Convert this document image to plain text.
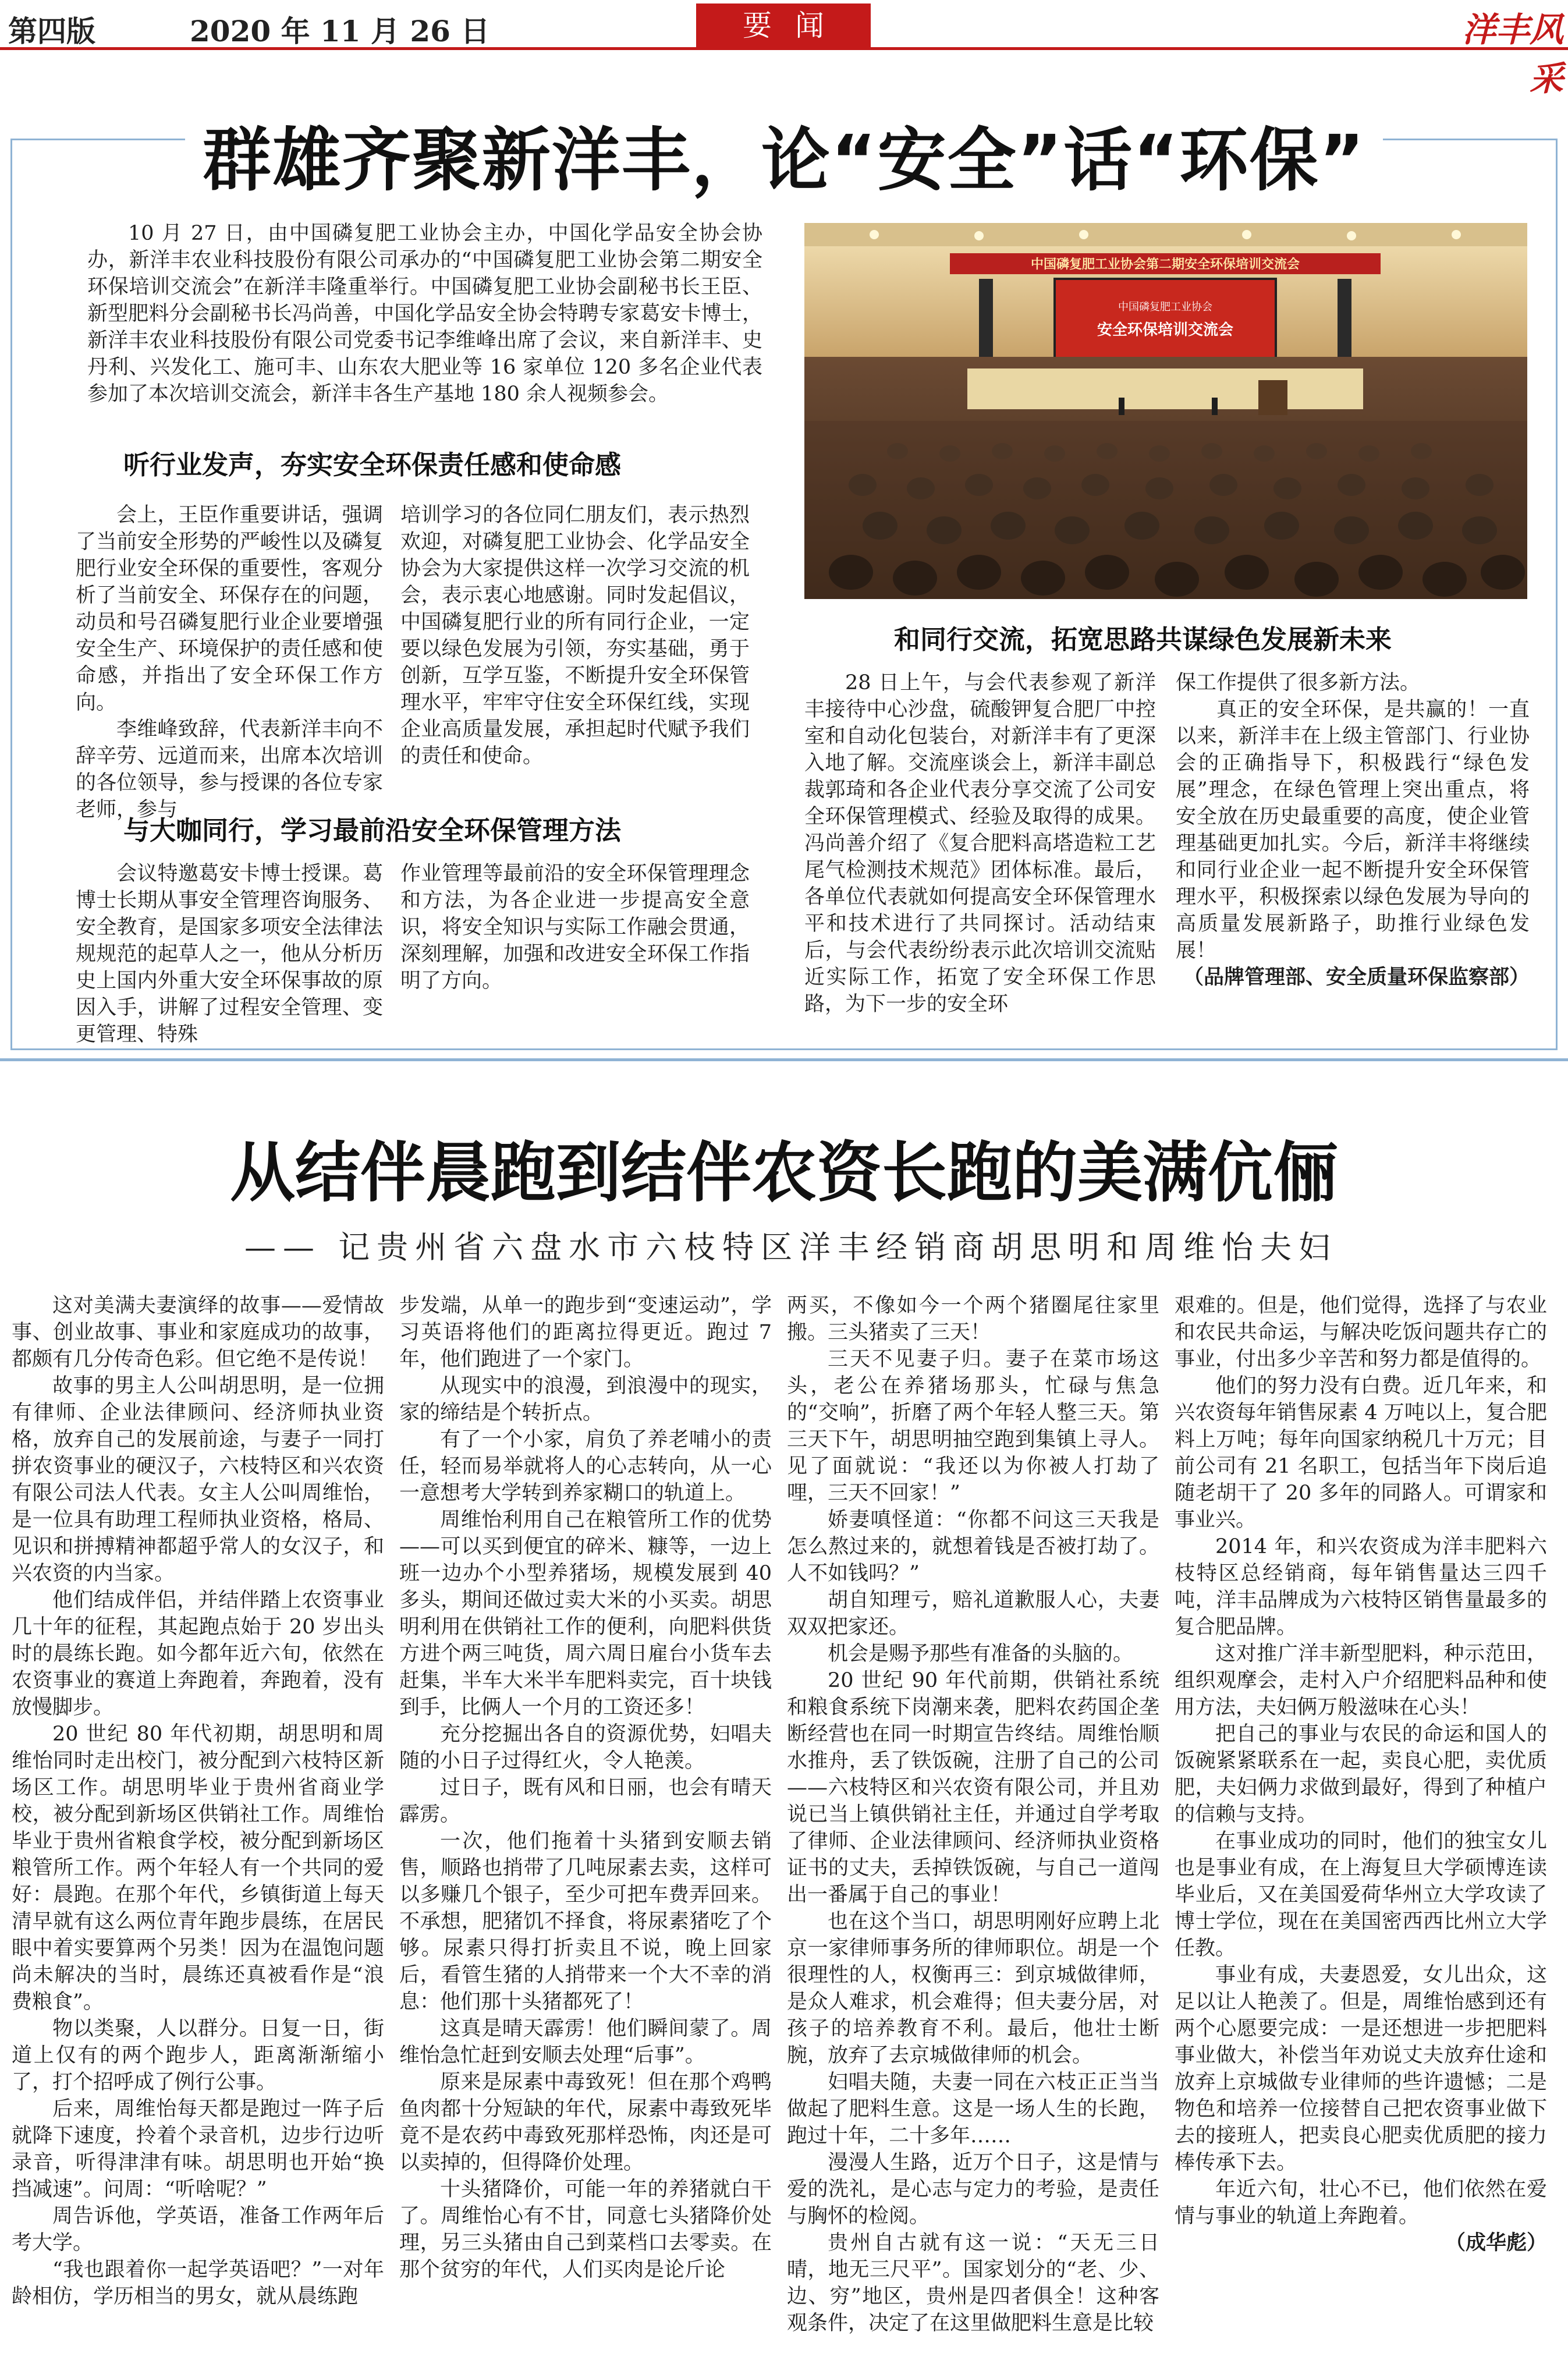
第四版	2020 年 11 月 26 日	要闻	洋丰风采
群雄齐聚新洋丰，论“安全”话“环保”

10 月 27 日，由中国磷复肥工业协会主办，中国化学品安全协会协办，新洋丰农业科技股份有限公司承办的“中国磷复肥工业协会第二期安全环保培训交流会”在新洋丰隆重举行。中国磷复肥工业协会副秘书长王臣、新型肥料分会副秘书长冯尚善，中国化学品安全协会特聘专家葛安卡博士，新洋丰农业科技股份有限公司党委书记李维峰出席了会议，来自新洋丰、史丹利、兴发化工、施可丰、山东农大肥业等 16 家单位 120 多名企业代表参加了本次培训交流会，新洋丰各生产基地 180 余人视频参会。

听行业发声，夯实安全环保责任感和使命感

会上，王臣作重要讲话，强调了当前安全形势的严峻性以及磷复肥行业安全环保的重要性，客观分析了当前安全、环保存在的问题，动员和号召磷复肥行业企业要增强安全生产、环境保护的责任感和使命感，并指出了安全环保工作方向。

李维峰致辞，代表新洋丰向不辞辛劳、远道而来，出席本次培训的各位领导，参与授课的各位专家老师，参与

培训学习的各位同仁朋友们，表示热烈欢迎，对磷复肥工业协会、化学品安全协会为大家提供这样一次学习交流的机会，表示衷心地感谢。同时发起倡议，中国磷复肥行业的所有同行企业，一定要以绿色发展为引领，夯实基础，勇于创新，互学互鉴，不断提升安全环保管理水平，牢牢守住安全环保红线，实现企业高质量发展，承担起时代赋予我们的责任和使命。

与大咖同行，学习最前沿安全环保管理方法

会议特邀葛安卡博士授课。葛博士长期从事安全管理咨询服务、安全教育，是国家多项安全法律法规规范的起草人之一，他从分析历史上国内外重大安全环保事故的原因入手，讲解了过程安全管理、变更管理、特殊

作业管理等最前沿的安全环保管理理念和方法，为各企业进一步提高安全意识，将安全知识与实际工作融会贯通，深刻理解，加强和改进安全环保工作指明了方向。

中国磷复肥工业协会第二期安全环保培训交流会
中国磷复肥工业协会
安全环保培训交流会
和同行交流，拓宽思路共谋绿色发展新未来

28 日上午，与会代表参观了新洋丰接待中心沙盘，硫酸钾复合肥厂中控室和自动化包装台，对新洋丰有了更深入地了解。交流座谈会上，新洋丰副总裁郭琦和各企业代表分享交流了公司安全环保管理模式、经验及取得的成果。冯尚善介绍了《复合肥料高塔造粒工艺尾气检测技术规范》团体标准。最后，各单位代表就如何提高安全环保管理水平和技术进行了共同探讨。活动结束后，与会代表纷纷表示此次培训交流贴近实际工作，拓宽了安全环保工作思路，为下一步的安全环

保工作提供了很多新方法。

真正的安全环保，是共赢的！一直以来，新洋丰在上级主管部门、行业协会的正确指导下，积极践行“绿色发展”理念，在绿色管理上突出重点，将安全放在历史最重要的高度，使企业管理基础更加扎实。今后，新洋丰将继续和同行业企业一起不断提升安全环保管理水平，积极探索以绿色发展为导向的高质量发展新路子，助推行业绿色发展！

（品牌管理部、安全质量环保监察部）

从结伴晨跑到结伴农资长跑的美满伉俪
—— 记贵州省六盘水市六枝特区洋丰经销商胡思明和周维怡夫妇

这对美满夫妻演绎的故事——爱情故事、创业故事、事业和家庭成功的故事，都颇有几分传奇色彩。但它绝不是传说！

故事的男主人公叫胡思明，是一位拥有律师、企业法律顾问、经济师执业资格，放弃自己的发展前途，与妻子一同打拼农资事业的硬汉子，六枝特区和兴农资有限公司法人代表。女主人公叫周维怡，是一位具有助理工程师执业资格，格局、见识和拼搏精神都超乎常人的女汉子，和兴农资的内当家。

他们结成伴侣，并结伴踏上农资事业几十年的征程，其起跑点始于 20 岁出头时的晨练长跑。如今都年近六旬，依然在农资事业的赛道上奔跑着，奔跑着，没有放慢脚步。

20 世纪 80 年代初期，胡思明和周维怡同时走出校门，被分配到六枝特区新场区工作。胡思明毕业于贵州省商业学校，被分配到新场区供销社工作。周维怡毕业于贵州省粮食学校，被分配到新场区粮管所工作。两个年轻人有一个共同的爱好：晨跑。在那个年代，乡镇街道上每天清早就有这么两位青年跑步晨练，在居民眼中着实要算两个另类！因为在温饱问题尚未解决的当时，晨练还真被看作是“浪费粮食”。

物以类聚，人以群分。日复一日，街道上仅有的两个跑步人，距离渐渐缩小了，打个招呼成了例行公事。

后来，周维怡每天都是跑过一阵子后就降下速度，拎着个录音机，边步行边听录音，听得津津有味。胡思明也开始“换挡减速”。问周：“听啥呢？”

周告诉他，学英语，准备工作两年后考大学。

“我也跟着你一起学英语吧？”一对年龄相仿，学历相当的男女，就从晨练跑

步发端，从单一的跑步到“变速运动”，学习英语将他们的距离拉得更近。跑过 7 年，他们跑进了一个家门。

从现实中的浪漫，到浪漫中的现实，家的缔结是个转折点。

有了一个小家，肩负了养老哺小的责任，轻而易举就将人的心志转向，从一心一意想考大学转到养家糊口的轨道上。

周维怡利用自己在粮管所工作的优势——可以买到便宜的碎米、糠等，一边上班一边办个小型养猪场，规模发展到 40 多头，期间还做过卖大米的小买卖。胡思明利用在供销社工作的便利，向肥料供货方进个两三吨货，周六周日雇台小货车去赶集，半车大米半车肥料卖完，百十块钱到手，比俩人一个月的工资还多！

充分挖掘出各自的资源优势，妇唱夫随的小日子过得红火，令人艳羡。

过日子，既有风和日丽，也会有晴天霹雳。

一次，他们拖着十头猪到安顺去销售，顺路也捎带了几吨尿素去卖，这样可以多赚几个银子，至少可把车费弄回来。不承想，肥猪饥不择食，将尿素猪吃了个够。尿素只得打折卖且不说，晚上回家后，看管生猪的人捎带来一个大不幸的消息：他们那十头猪都死了！

这真是晴天霹雳！他们瞬间蒙了。周维怡急忙赶到安顺去处理“后事”。

原来是尿素中毒致死！但在那个鸡鸭鱼肉都十分短缺的年代，尿素中毒致死毕竟不是农药中毒致死那样恐怖，肉还是可以卖掉的，但得降价处理。

十头猪降价，可能一年的养猪就白干了。周维怡心有不甘，同意七头猪降价处理，另三头猪由自己到菜档口去零卖。在那个贫穷的年代，人们买肉是论斤论

两买，不像如今一个两个猪圈尾往家里搬。三头猪卖了三天！

三天不见妻子归。妻子在菜市场这头，老公在养猪场那头，忙碌与焦急的“交响”，折磨了两个年轻人整三天。第三天下午，胡思明抽空跑到集镇上寻人。见了面就说：“我还以为你被人打劫了哩，三天不回家！”

娇妻嗔怪道：“你都不问这三天我是怎么熬过来的，就想着钱是否被打劫了。人不如钱吗？”

胡自知理亏，赔礼道歉服人心，夫妻双双把家还。

机会是赐予那些有准备的头脑的。

20 世纪 90 年代前期，供销社系统和粮食系统下岗潮来袭，肥料农药国企垄断经营也在同一时期宣告终结。周维怡顺水推舟，丢了铁饭碗，注册了自己的公司——六枝特区和兴农资有限公司，并且劝说已当上镇供销社主任，并通过自学考取了律师、企业法律顾问、经济师执业资格证书的丈夫，丢掉铁饭碗，与自己一道闯出一番属于自己的事业！

也在这个当口，胡思明刚好应聘上北京一家律师事务所的律师职位。胡是一个很理性的人，权衡再三：到京城做律师，是众人难求，机会难得；但夫妻分居，对孩子的培养教育不利。最后，他壮士断腕，放弃了去京城做律师的机会。

妇唱夫随，夫妻一同在六枝正正当当做起了肥料生意。这是一场人生的长跑，跑过十年，二十多年……

漫漫人生路，近万个日子，这是情与爱的洗礼，是心志与定力的考验，是责任与胸怀的检阅。

贵州自古就有这一说：“天无三日晴，地无三尺平”。国家划分的“老、少、边、穷”地区，贵州是四者俱全！这种客观条件，决定了在这里做肥料生意是比较

艰难的。但是，他们觉得，选择了与农业和农民共命运，与解决吃饭问题共存亡的事业，付出多少辛苦和努力都是值得的。

他们的努力没有白费。近几年来，和兴农资每年销售尿素 4 万吨以上，复合肥料上万吨；每年向国家纳税几十万元；目前公司有 21 名职工，包括当年下岗后追随老胡干了 20 多年的同路人。可谓家和事业兴。

2014 年，和兴农资成为洋丰肥料六枝特区总经销商，每年销售量达三四千吨，洋丰品牌成为六枝特区销售量最多的复合肥品牌。

这对推广洋丰新型肥料，种示范田，组织观摩会，走村入户介绍肥料品种和使用方法，夫妇俩万般滋味在心头！

把自己的事业与农民的命运和国人的饭碗紧紧联系在一起，卖良心肥，卖优质肥，夫妇俩力求做到最好，得到了种植户的信赖与支持。

在事业成功的同时，他们的独宝女儿也是事业有成，在上海复旦大学硕博连读毕业后，又在美国爱荷华州立大学攻读了博士学位，现在在美国密西西比州立大学任教。

事业有成，夫妻恩爱，女儿出众，这足以让人艳羡了。但是，周维怡感到还有两个心愿要完成：一是还想进一步把肥料事业做大，补偿当年劝说丈夫放弃仕途和放弃上京城做专业律师的些许遗憾；二是物色和培养一位接替自己把农资事业做下去的接班人，把卖良心肥卖优质肥的接力棒传承下去。

年近六旬，壮心不已，他们依然在爱情与事业的轨道上奔跑着。

（成华彪）
